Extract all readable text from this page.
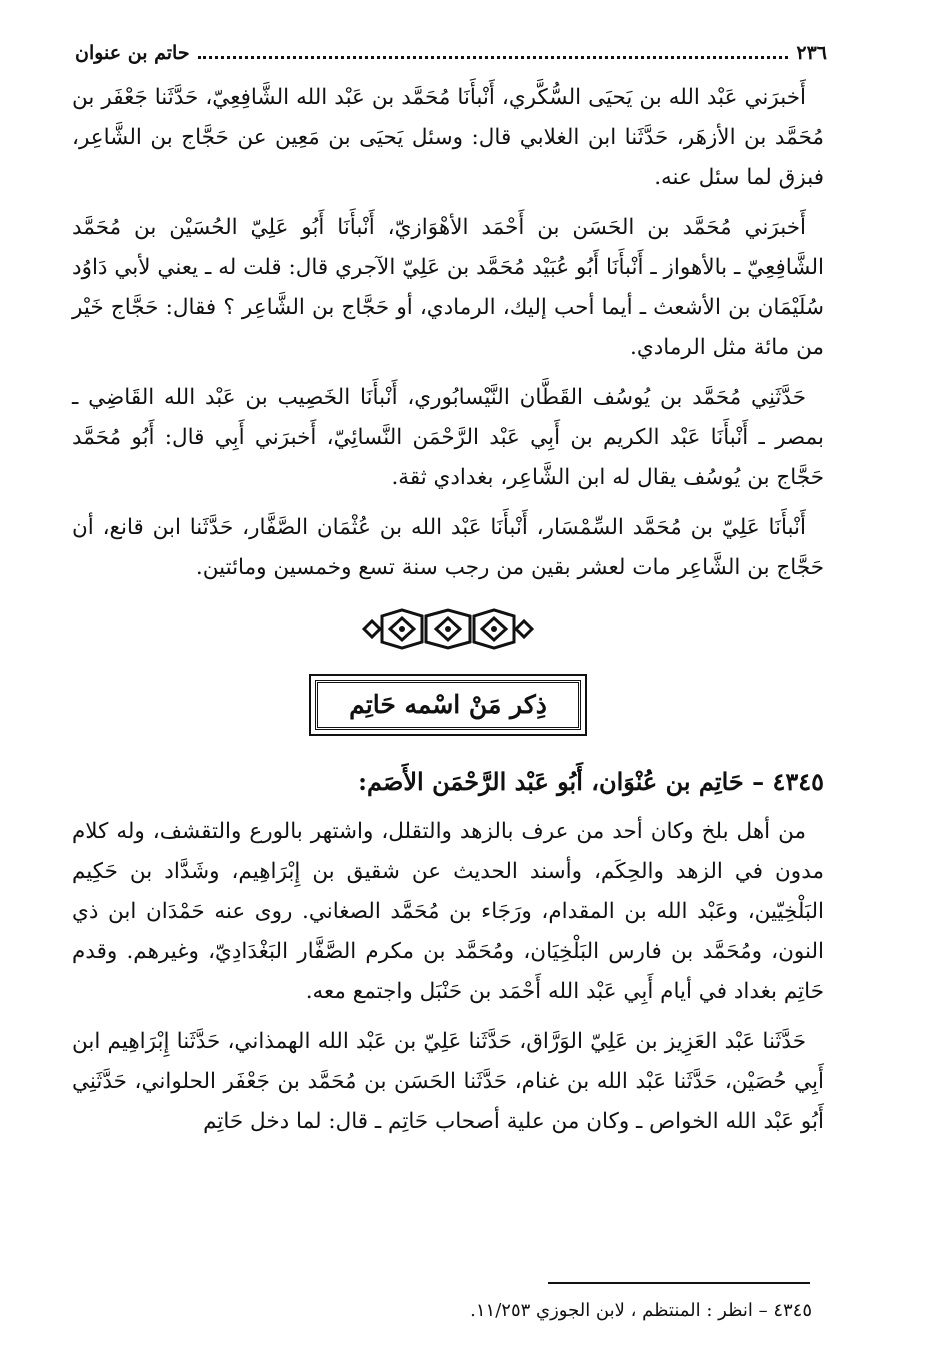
٢٣٦
حاتم بن عنوان

أَخبرَني عَبْد الله بن يَحيَى السُّكَّري، أَنْبأَنَا مُحَمَّد بن عَبْد الله الشَّافِعِيّ، حَدَّثَنا جَعْفَر بن مُحَمَّد بن الأزهَر، حَدَّثَنا ابن الغلابي قال: وسئل يَحيَى بن مَعِين عن حَجَّاج بن الشَّاعِر، فبزق لما سئل عنه.

أَخبرَني مُحَمَّد بن الحَسَن بن أَحْمَد الأهْوَازيّ، أَنْبأَنَا أَبُو عَلِيّ الحُسَيْن بن مُحَمَّد الشَّافِعِيّ ـ بالأهواز ـ أَنْبأَنَا أَبُو عُبَيْد مُحَمَّد بن عَلِيّ الآجري قال: قلت له ـ يعني لأبي دَاوُد سُلَيْمَان بن الأشعث ـ أيما أحب إليك، الرمادي، أو حَجَّاج بن الشَّاعِر ؟ فقال: حَجَّاج خَيْر من مائة مثل الرمادي.

حَدَّثَنِي مُحَمَّد بن يُوسُف القَطَّان النَّيْسابُوري، أَنْبأَنَا الخَصِيب بن عَبْد الله القَاضِي ـ بمصر ـ أَنْبأَنَا عَبْد الكريم بن أَبِي عَبْد الرَّحْمَن النَّسائِيّ، أَخبرَني أَبِي قال: أَبُو مُحَمَّد حَجَّاج بن يُوسُف يقال له ابن الشَّاعِر، بغدادي ثقة.

أَنْبأَنَا عَلِيّ بن مُحَمَّد السِّمْسَار، أَنْبأَنَا عَبْد الله بن عُثْمَان الصَّفَّار، حَدَّثَنا ابن قانع، أن حَجَّاج بن الشَّاعِر مات لعشر بقين من رجب سنة تسع وخمسين ومائتين.

ذِكر مَنْ اسْمه حَاتِم

٤٣٤٥ – حَاتِم بن عُنْوَان، أَبُو عَبْد الرَّحْمَن الأَصَم:

من أهل بلخ وكان أحد من عرف بالزهد والتقلل، واشتهر بالورع والتقشف، وله كلام مدون في الزهد والحِكَم، وأسند الحديث عن شقيق بن إِبْرَاهِيم، وشَدَّاد بن حَكِيم البَلْخِيّين، وعَبْد الله بن المقدام، ورَجَاء بن مُحَمَّد الصغاني. روى عنه حَمْدَان ابن ذي النون، ومُحَمَّد بن فارس البَلْخِيَان، ومُحَمَّد بن مكرم الصَّفَّار البَغْدَادِيّ، وغيرهم. وقدم حَاتِم بغداد في أيام أَبِي عَبْد الله أَحْمَد بن حَنْبَل واجتمع معه.

حَدَّثَنا عَبْد العَزِيز بن عَلِيّ الوَرَّاق، حَدَّثَنا عَلِيّ بن عَبْد الله الهمذاني، حَدَّثَنا إِبْرَاهِيم ابن أَبِي حُصَيْن، حَدَّثَنا عَبْد الله بن غنام، حَدَّثَنا الحَسَن بن مُحَمَّد بن جَعْفَر الحلواني، حَدَّثَنِي أَبُو عَبْد الله الخواص ـ وكان من علية أصحاب حَاتِم ـ قال: لما دخل حَاتِم

٤٣٤٥ – انظر : المنتظم ، لابن الجوزي ١١/٢٥٣.
